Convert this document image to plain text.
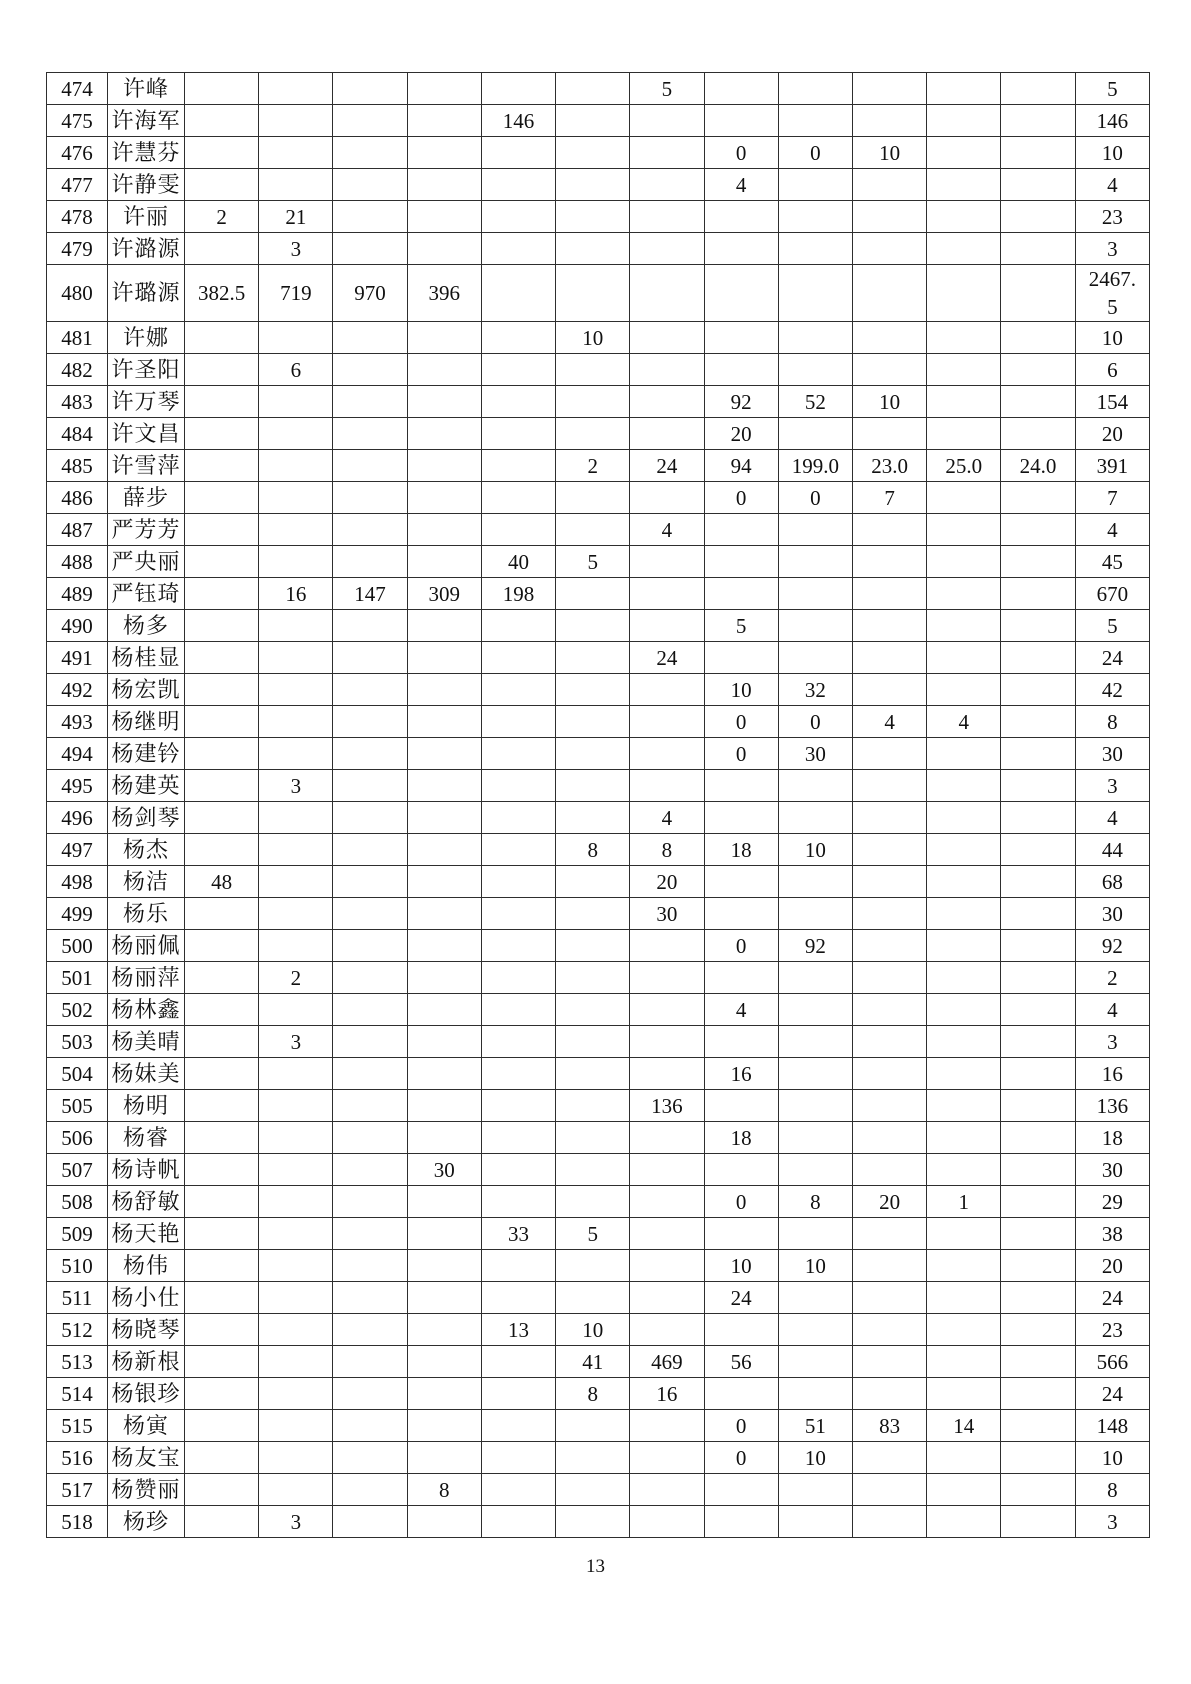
474	许峰							5						5
475	许海军					146								146
476	许慧芬								0	0	10			10
477	许静雯								4					4
478	许丽	2	21											23
479	许潞源		3											3
480	许璐源	382.5	719	970	396									2467.5
481	许娜						10							10
482	许圣阳		6											6
483	许万琴								92	52	10			154
484	许文昌								20					20
485	许雪萍						2	24	94	199.0	23.0	25.0	24.0	391
486	薛步								0	0	7			7
487	严芳芳							4						4
488	严央丽					40	5							45
489	严钰琦		16	147	309	198								670
490	杨多								5					5
491	杨桂显							24						24
492	杨宏凯								10	32				42
493	杨继明								0	0	4	4		8
494	杨建钤								0	30				30
495	杨建英		3											3
496	杨剑琴							4						4
497	杨杰						8	8	18	10				44
498	杨洁	48						20						68
499	杨乐							30						30
500	杨丽佩								0	92				92
501	杨丽萍		2											2
502	杨林鑫								4					4
503	杨美晴		3											3
504	杨妹美								16					16
505	杨明							136						136
506	杨睿								18					18
507	杨诗帆				30									30
508	杨舒敏								0	8	20	1		29
509	杨天艳					33	5							38
510	杨伟								10	10				20
511	杨小仕								24					24
512	杨晓琴					13	10							23
513	杨新根						41	469	56					566
514	杨银珍						8	16						24
515	杨寅								0	51	83	14		148
516	杨友宝								0	10				10
517	杨赞丽				8									8
518	杨珍		3											3
13
